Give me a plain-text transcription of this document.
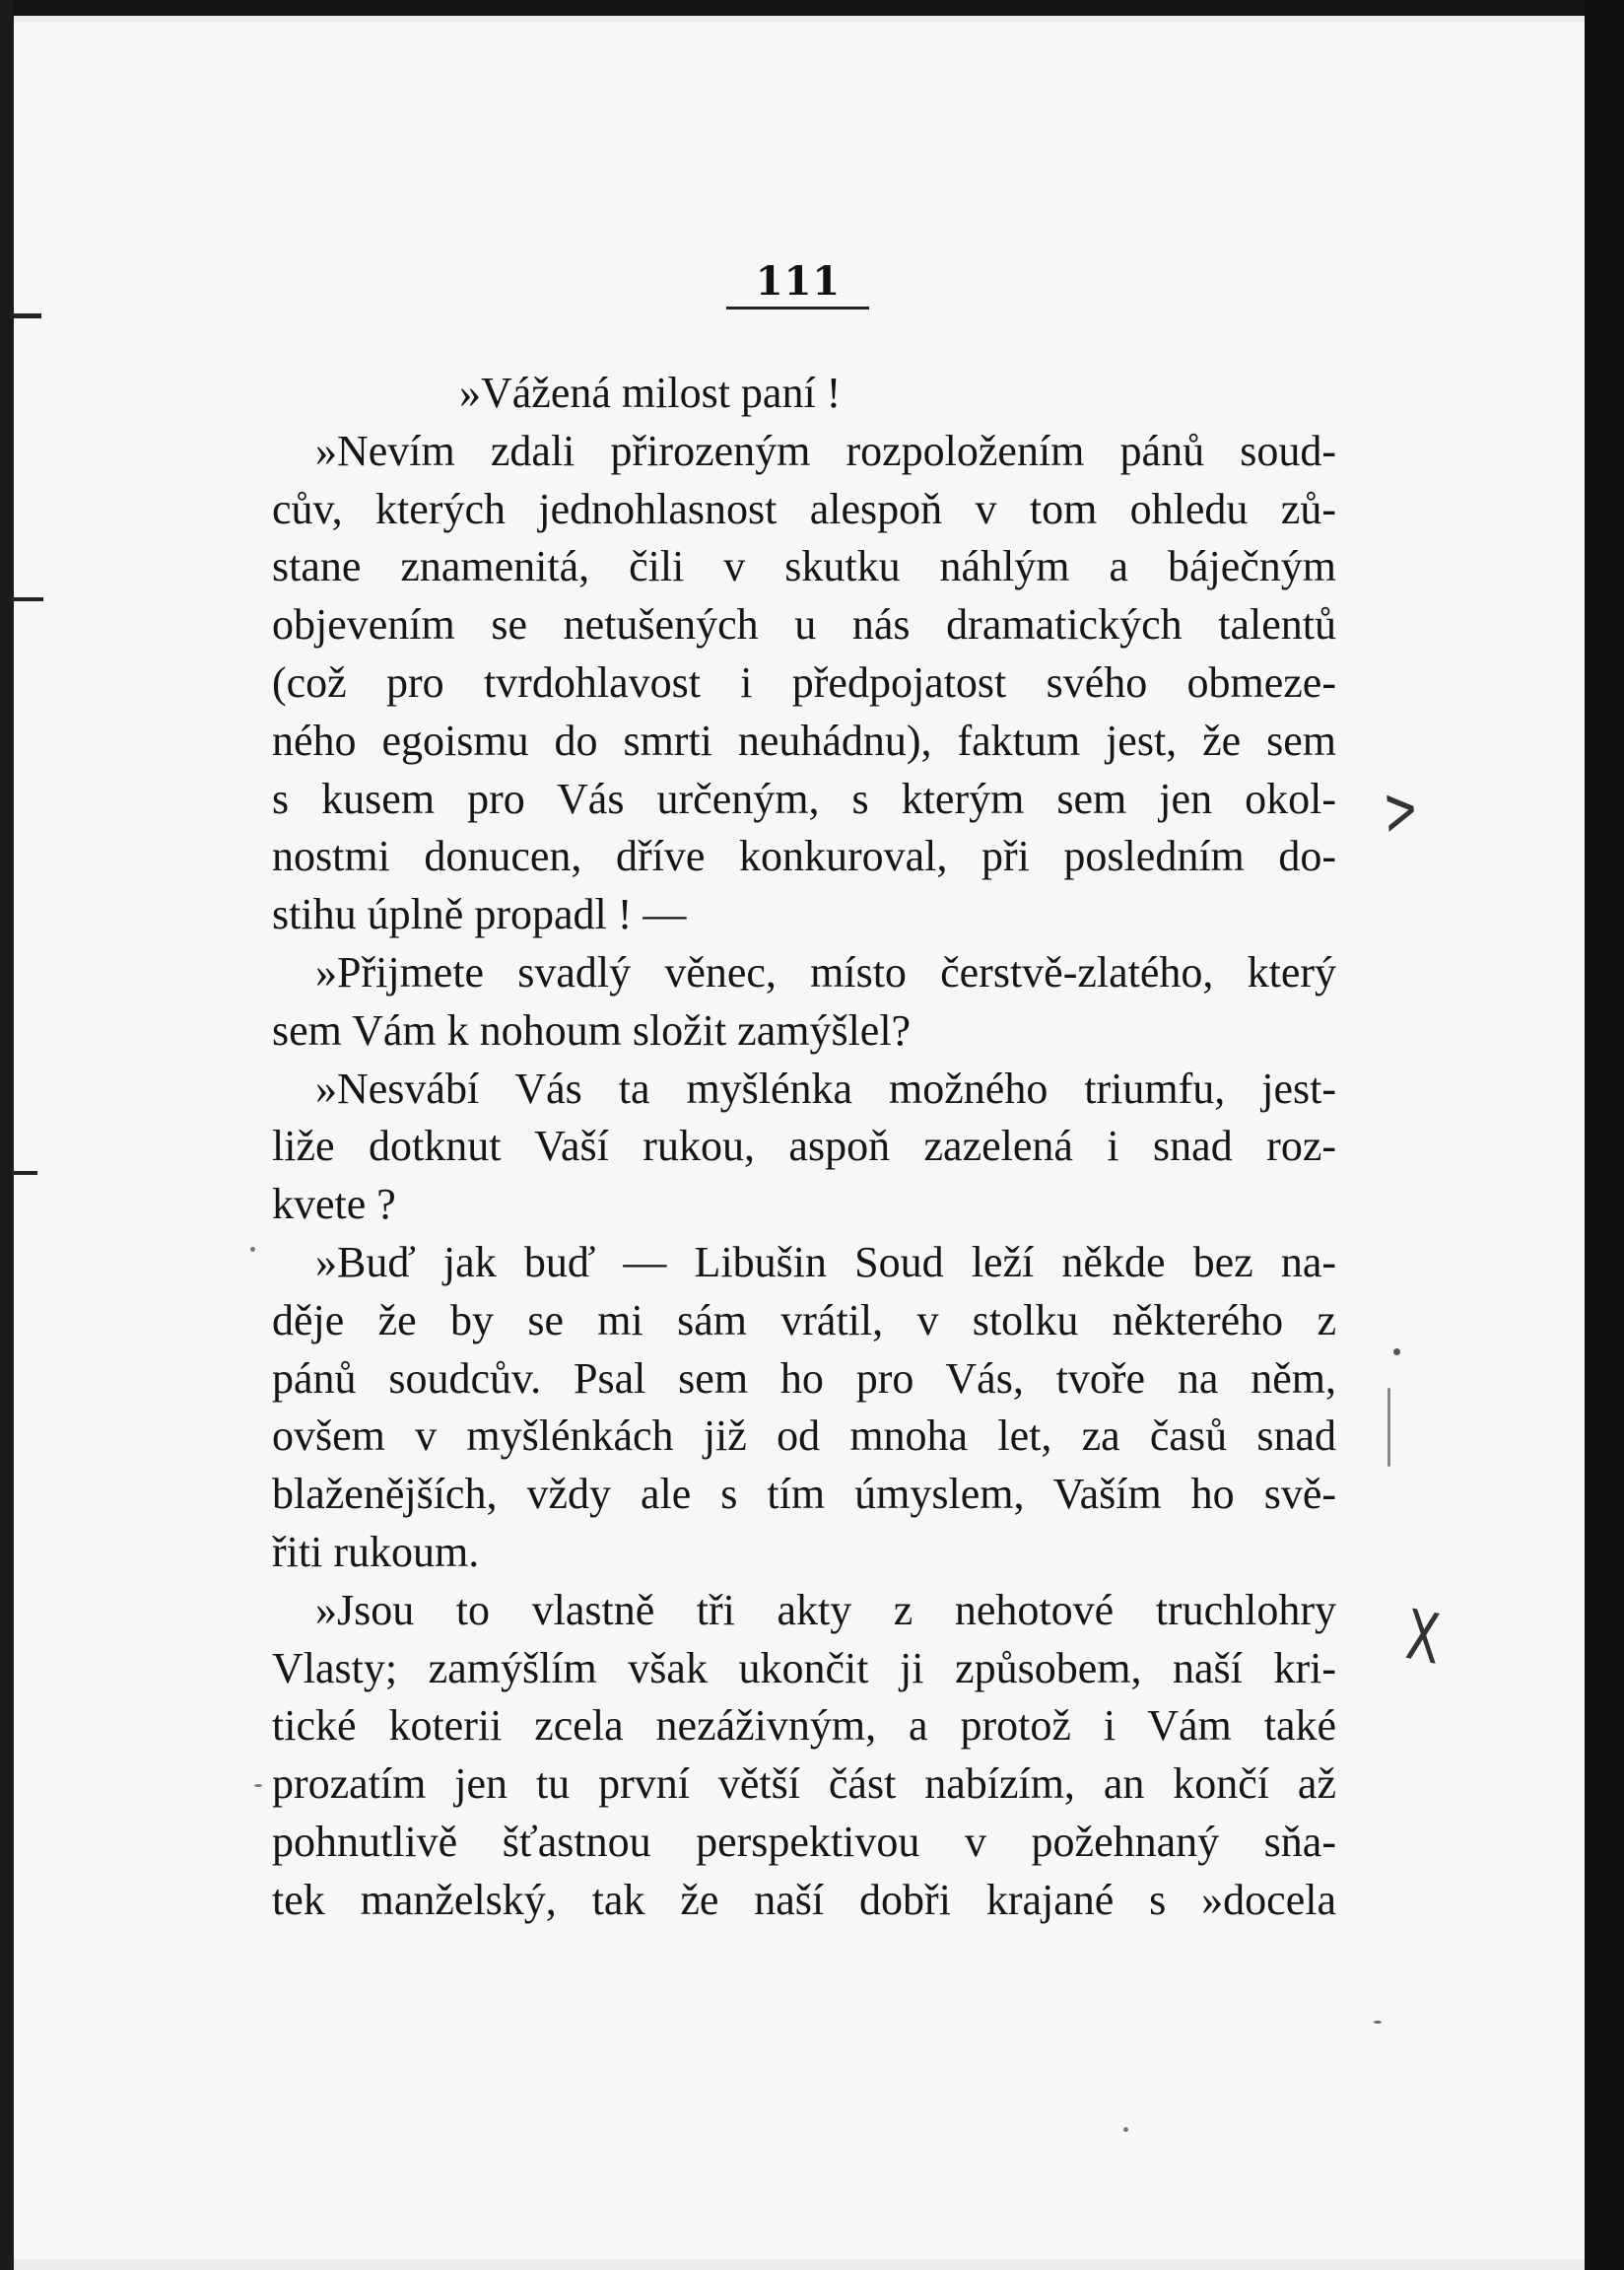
111
»Vážená milost paní !
»Nevím zdali přirozeným rozpoložením pánů soud-
cův, kterých jednohlasnost alespoň v tom ohledu zů-
stane znamenitá, čili v skutku náhlým a báječným
objevením se netušených u nás dramatických talentů
(což pro tvrdohlavost i předpojatost svého obmeze-
ného egoismu do smrti neuhádnu), faktum jest, že sem
s kusem pro Vás určeným, s kterým sem jen okol-
nostmi donucen, dříve konkuroval, při posledním do-
stihu úplně propadl ! —
»Přijmete svadlý věnec, místo čerstvě-zlatého, který
sem Vám k nohoum složit zamýšlel?
»Nesvábí Vás ta myšlénka možného triumfu, jest-
liže dotknut Vaší rukou, aspoň zazelená i snad roz-
kvete ?
»Buď jak buď — Libušin Soud leží někde bez na-
děje že by se mi sám vrátil, v stolku některého z
pánů soudcův. Psal sem ho pro Vás, tvoře na něm,
ovšem v myšlénkách již od mnoha let, za časů snad
blaženějších, vždy ale s tím úmyslem, Vaším ho svě-
řiti rukoum.
»Jsou to vlastně tři akty z nehotové truchlohry
Vlasty; zamýšlím však ukončit ji způsobem, naší kri-
tické koterii zcela nezáživným, a protož i Vám také
prozatím jen tu první větší část nabízím, an končí až
pohnutlivě šťastnou perspektivou v požehnaný sňa-
tek manželský, tak že naší dobři krajané s »docela
>
X
